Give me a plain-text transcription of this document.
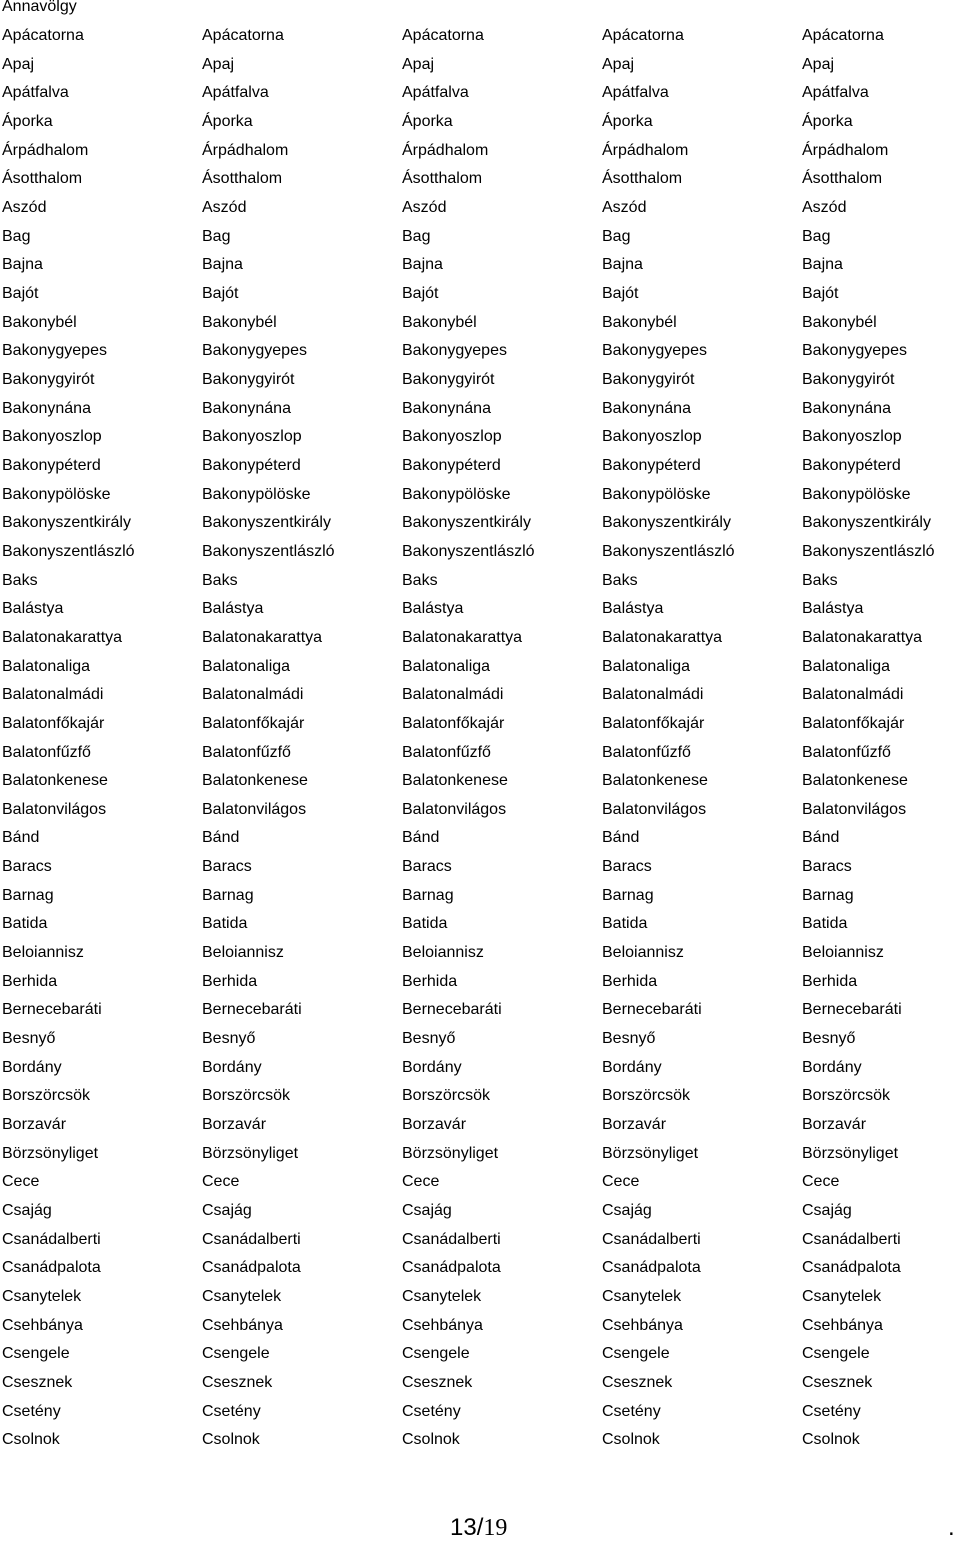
Annavölgy
Apácatorna	Apácatorna	Apácatorna	Apácatorna	Apácatorna
Apaj	Apaj	Apaj	Apaj	Apaj
Apátfalva	Apátfalva	Apátfalva	Apátfalva	Apátfalva
Áporka	Áporka	Áporka	Áporka	Áporka
Árpádhalom	Árpádhalom	Árpádhalom	Árpádhalom	Árpádhalom
Ásotthalom	Ásotthalom	Ásotthalom	Ásotthalom	Ásotthalom
Aszód	Aszód	Aszód	Aszód	Aszód
Bag	Bag	Bag	Bag	Bag
Bajna	Bajna	Bajna	Bajna	Bajna
Bajót	Bajót	Bajót	Bajót	Bajót
Bakonybél	Bakonybél	Bakonybél	Bakonybél	Bakonybél
Bakonygyepes	Bakonygyepes	Bakonygyepes	Bakonygyepes	Bakonygyepes
Bakonygyirót	Bakonygyirót	Bakonygyirót	Bakonygyirót	Bakonygyirót
Bakonynána	Bakonynána	Bakonynána	Bakonynána	Bakonynána
Bakonyoszlop	Bakonyoszlop	Bakonyoszlop	Bakonyoszlop	Bakonyoszlop
Bakonypéterd	Bakonypéterd	Bakonypéterd	Bakonypéterd	Bakonypéterd
Bakonypölöske	Bakonypölöske	Bakonypölöske	Bakonypölöske	Bakonypölöske
Bakonyszentkirály	Bakonyszentkirály	Bakonyszentkirály	Bakonyszentkirály	Bakonyszentkirály
Bakonyszentlászló	Bakonyszentlászló	Bakonyszentlászló	Bakonyszentlászló	Bakonyszentlászló
Baks	Baks	Baks	Baks	Baks
Balástya	Balástya	Balástya	Balástya	Balástya
Balatonakarattya	Balatonakarattya	Balatonakarattya	Balatonakarattya	Balatonakarattya
Balatonaliga	Balatonaliga	Balatonaliga	Balatonaliga	Balatonaliga
Balatonalmádi	Balatonalmádi	Balatonalmádi	Balatonalmádi	Balatonalmádi
Balatonfőkajár	Balatonfőkajár	Balatonfőkajár	Balatonfőkajár	Balatonfőkajár
Balatonfűzfő	Balatonfűzfő	Balatonfűzfő	Balatonfűzfő	Balatonfűzfő
Balatonkenese	Balatonkenese	Balatonkenese	Balatonkenese	Balatonkenese
Balatonvilágos	Balatonvilágos	Balatonvilágos	Balatonvilágos	Balatonvilágos
Bánd	Bánd	Bánd	Bánd	Bánd
Baracs	Baracs	Baracs	Baracs	Baracs
Barnag	Barnag	Barnag	Barnag	Barnag
Batida	Batida	Batida	Batida	Batida
Beloiannisz	Beloiannisz	Beloiannisz	Beloiannisz	Beloiannisz
Berhida	Berhida	Berhida	Berhida	Berhida
Bernecebaráti	Bernecebaráti	Bernecebaráti	Bernecebaráti	Bernecebaráti
Besnyő	Besnyő	Besnyő	Besnyő	Besnyő
Bordány	Bordány	Bordány	Bordány	Bordány
Borszörcsök	Borszörcsök	Borszörcsök	Borszörcsök	Borszörcsök
Borzavár	Borzavár	Borzavár	Borzavár	Borzavár
Börzsönyliget	Börzsönyliget	Börzsönyliget	Börzsönyliget	Börzsönyliget
Cece	Cece	Cece	Cece	Cece
Csajág	Csajág	Csajág	Csajág	Csajág
Csanádalberti	Csanádalberti	Csanádalberti	Csanádalberti	Csanádalberti
Csanádpalota	Csanádpalota	Csanádpalota	Csanádpalota	Csanádpalota
Csanytelek	Csanytelek	Csanytelek	Csanytelek	Csanytelek
Csehbánya	Csehbánya	Csehbánya	Csehbánya	Csehbánya
Csengele	Csengele	Csengele	Csengele	Csengele
Csesznek	Csesznek	Csesznek	Csesznek	Csesznek
Csetény	Csetény	Csetény	Csetény	Csetény
Csolnok	Csolnok	Csolnok	Csolnok	Csolnok
13/19	.
